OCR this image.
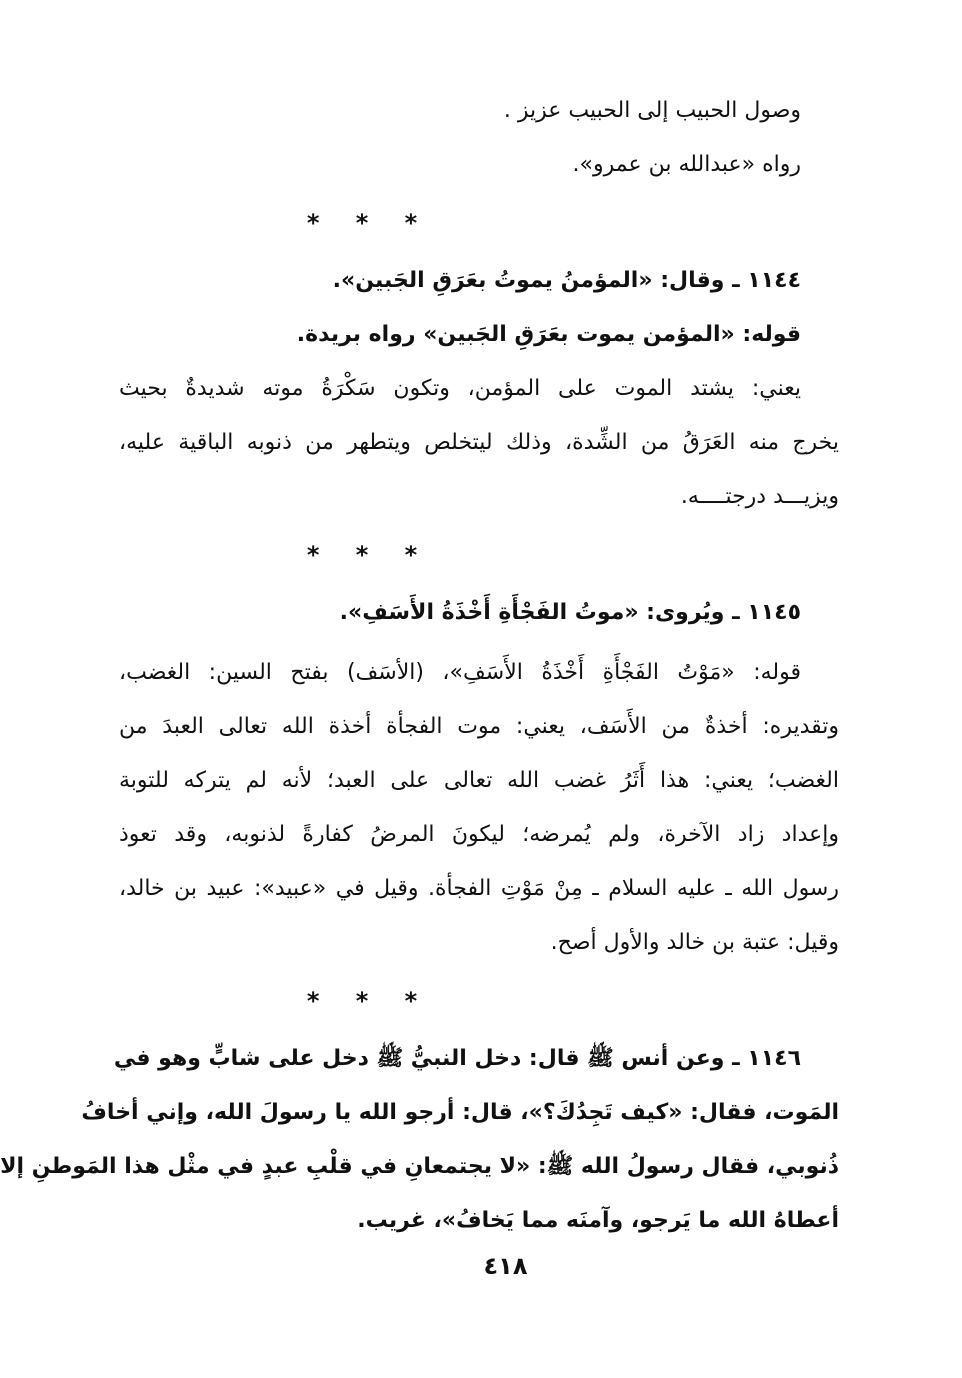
وصول الحبيب إلى الحبيب عزيز .
رواه «عبدالله بن عمرو».
* * *
١١٤٤ ـ وقال: «المؤمنُ يموتُ بعَرَقِ الجَبين».
قوله: «المؤمن يموت بعَرَقِ الجَبين» رواه بريدة.
يعني: يشتد الموت على المؤمن، وتكون سَكْرَةُ موته شديدةٌ بحيث
يخرج منه العَرَقُ من الشِّدة، وذلك ليتخلص ويتطهر من ذنوبه الباقية عليه،
ويزيـــد درجتــــه.
* * *
١١٤٥ ـ ويُروى: «موتُ الفَجْأَةِ أَخْذَةُ الأَسَفِ».
قوله: «مَوْتُ الفَجْأَةِ أَخْذَةُ الأَسَفِ»، (الأسَف) بفتح السين: الغضب،
وتقديره: أخذةٌ من الأَسَف، يعني: موت الفجأة أخذة الله تعالى العبدَ من
الغضب؛ يعني: هذا أَثَرُ غضب الله تعالى على العبد؛ لأنه لم يتركه للتوبة
وإعداد زاد الآخرة، ولم يُمرضه؛ ليكونَ المرضُ كفارةً لذنوبه، وقد تعوذ
رسول الله ـ عليه السلام ـ مِنْ مَوْتِ الفجأة. وقيل في «عبيد»: عبيد بن خالد،
وقيل: عتبة بن خالد والأول أصح.
* * *
١١٤٦ ـ وعن أنس ﷺ قال: دخل النبيُّ ﷺ دخل على شابٍّ وهو في
المَوت، فقال: «كيف تَجِدُكَ؟»، قال: أرجو الله يا رسولَ الله، وإني أخافُ
ذُنوبي، فقال رسولُ الله ﷺ: «لا يجتمعانِ في قلْبِ عبدٍ في مثْل هذا المَوطنِ إلا
أعطاهُ الله ما يَرجو، وآمنَه مما يَخافُ»، غريب.
٤١٨
